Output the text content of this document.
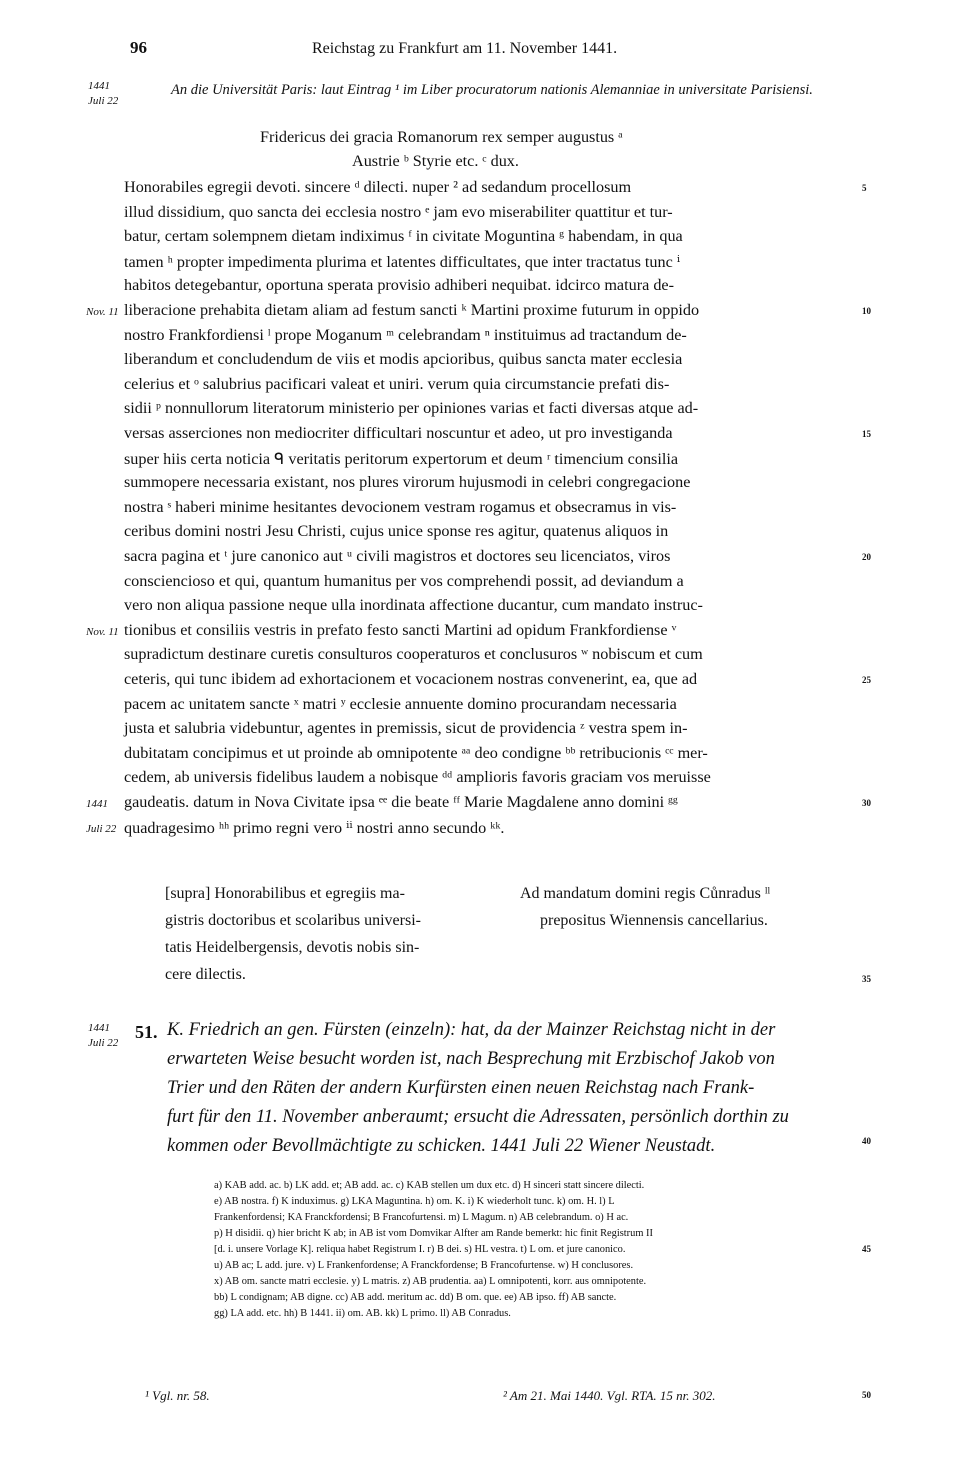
96	Reichstag zu Frankfurt am 11. November 1441.
1441
Juli 22
An die Universität Paris: laut Eintrag ¹ im Liber procuratorum nationis Alemanniae in universitate Parisiensi.
Fridericus dei gracia Romanorum rex semper augustus ᵃ
Austrie ᵇ Styrie etc. ᶜ dux.
Honorabiles egregii devoti. sincere ᵈ dilecti. nuper ² ad sedandum procellosum	5
illud dissidium, quo sancta dei ecclesia nostro ᵉ jam evo miserabiliter quattitur et tur-
batur, certam solempnem dietam indiximus ᶠ in civitate Moguntina ᵍ habendam, in qua
tamen ʰ propter impedimenta plurima et latentes difficultates, que inter tractatus tunc ⁱ
habitos detegebantur, oportuna sperata provisio adhiberi nequibat. idcirco matura de-
liberacione prehabita dietam aliam ad festum sancti ᵏ Martini proxime futurum in oppido	10
Nov. 11
nostro Frankfordiensi ˡ prope Moganum ᵐ celebrandam ⁿ instituimus ad tractandum de-
liberandum et concludendum de viis et modis apcioribus, quibus sancta mater ecclesia
celerius et ᵒ salubrius pacificari valeat et uniri. verum quia circumstancie prefati dis-
sidii ᵖ nonnullorum literatorum ministerio per opiniones varias et facti diversas atque ad-
versas asserciones non mediocriter difficultari noscuntur et adeo, ut pro investiganda	15
super hiis certa noticia ᑫ veritatis peritorum expertorum et deum ʳ timencium consilia
summopere necessaria existant, nos plures virorum hujusmodi in celebri congregacione
nostra ˢ haberi minime hesitantes devocionem vestram rogamus et obsecramus in vis-
ceribus domini nostri Jesu Christi, cujus unice sponse res agitur, quatenus aliquos in
sacra pagina et ᵗ jure canonico aut ᵘ civili magistros et doctores seu licenciatos, viros	20
consciencioso et qui, quantum humanitus per vos comprehendi possit, ad deviandum a
vero non aliqua passione neque ulla inordinata affectione ducantur, cum mandato instruc-
tionibus et consiliis vestris in prefato festo sancti Martini ad opidum Frankfordiense ᵛ
Nov. 11
supradictum destinare curetis consulturos cooperaturos et conclusuros ʷ nobiscum et cum
ceteris, qui tunc ibidem ad exhortacionem et vocacionem nostras convenerint, ea, que ad	25
pacem ac unitatem sancte ˣ matri ʸ ecclesie annuente domino procurandam necessaria
justa et salubria videbuntur, agentes in premissis, sicut de providencia ᶻ vestra spem in-
dubitatam concipimus et ut proinde ab omnipotente ᵃᵃ deo condigne ᵇᵇ retribucionis ᶜᶜ mer-
cedem, ab universis fidelibus laudem a nobisque ᵈᵈ amplioris favoris graciam vos meruisse
gaudeatis. datum in Nova Civitate ipsa ᵉᵉ die beate ᶠᶠ Marie Magdalene anno domini ᵍᵍ	30
1441
quadragesimo ʰʰ primo regni vero ⁱⁱ nostri anno secundo ᵏᵏ.
Juli 22
[supra] Honorabilibus et egregiis ma-
gistris doctoribus et scolaribus universi-
tatis Heidelbergensis, devotis nobis sin-
cere dilectis.
Ad mandatum domini regis Cůnradus ˡˡ
prepositus Wiennensis cancellarius.
35
1441
Juli 22
51. K. Friedrich an gen. Fürsten (einzeln): hat, da der Mainzer Reichstag nicht in der
erwarteten Weise besucht worden ist, nach Besprechung mit Erzbischof Jakob von
Trier und den Räten der andern Kurfürsten einen neuen Reichstag nach Frank-
furt für den 11. November anberaumt; ersucht die Adressaten, persönlich dorthin zu
kommen oder Bevollmächtigte zu schicken. 1441 Juli 22 Wiener Neustadt.	40
a) KAB add. ac. b) LK add. et; AB add. ac. c) KAB stellen um dux etc. d) H sinceri statt sincere dilecti.
e) AB nostra. f) K induximus. g) LKA Maguntina. h) om. K. i) K wiederholt tunc. k) om. H. l) L
Frankenfordensi; KA Franckfordensi; B Francofurtensi. m) L Magum. n) AB celebrandum. o) H ac.
p) H disidii. q) hier bricht K ab; in AB ist vom Domvikar Alfter am Rande bemerkt: hic finit Registrum II
[d. i. unsere Vorlage K]. reliqua habet Registrum I. r) B dei. s) HL vestra. t) L om. et jure canonico.
u) AB ac; L add. jure. v) L Frankenfordense; A Franckfordense; B Francofurtense. w) H conclusores.
x) AB om. sancte matri ecclesie. y) L matris. z) AB prudentia. aa) L omnipotenti, korr. aus omnipotente.
bb) L condignam; AB digne. cc) AB add. meritum ac. dd) B om. que. ee) AB ipso. ff) AB sancte.
gg) LA add. etc. hh) B 1441. ii) om. AB. kk) L primo. ll) AB Conradus.
45
¹ Vgl. nr. 58.	² Am 21. Mai 1440. Vgl. RTA. 15 nr. 302.	50
